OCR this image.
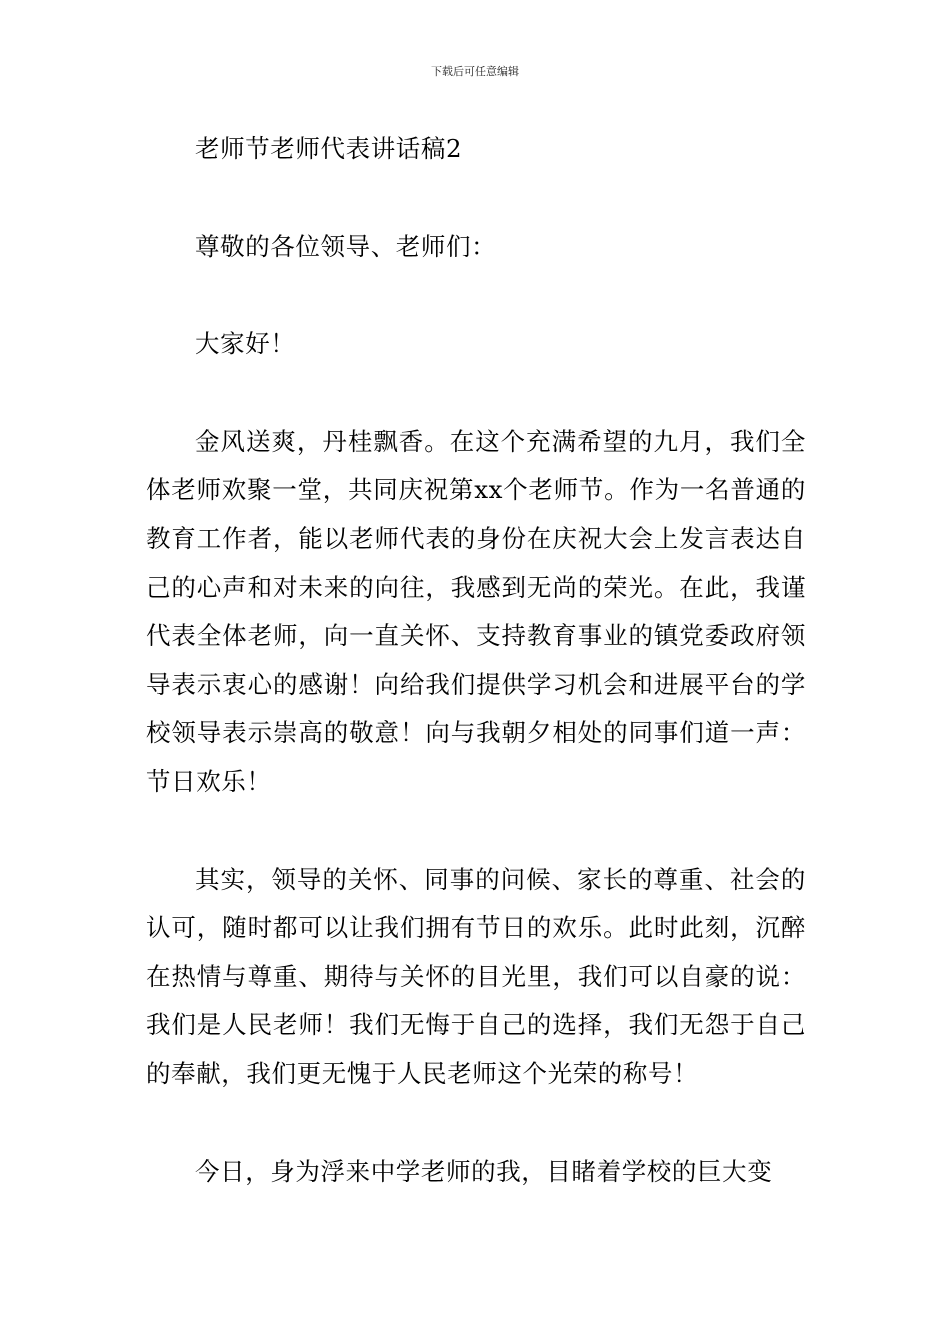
下载后可任意编辑

老师节老师代表讲话稿2

尊敬的各位领导、老师们：

大家好！

金风送爽，丹桂飘香。在这个充满希望的九月，我们全体老师欢聚一堂，共同庆祝第xx个老师节。作为一名普通的教育工作者，能以老师代表的身份在庆祝大会上发言表达自己的心声和对未来的向往，我感到无尚的荣光。在此，我谨代表全体老师，向一直关怀、支持教育事业的镇党委政府领导表示衷心的感谢！向给我们提供学习机会和进展平台的学校领导表示崇高的敬意！向与我朝夕相处的同事们道一声：节日欢乐！

其实，领导的关怀、同事的问候、家长的尊重、社会的认可，随时都可以让我们拥有节日的欢乐。此时此刻，沉醉在热情与尊重、期待与关怀的目光里，我们可以自豪的说：我们是人民老师！我们无悔于自己的选择，我们无怨于自己的奉献，我们更无愧于人民老师这个光荣的称号！

今日，身为浮来中学老师的我，目睹着学校的巨大变
